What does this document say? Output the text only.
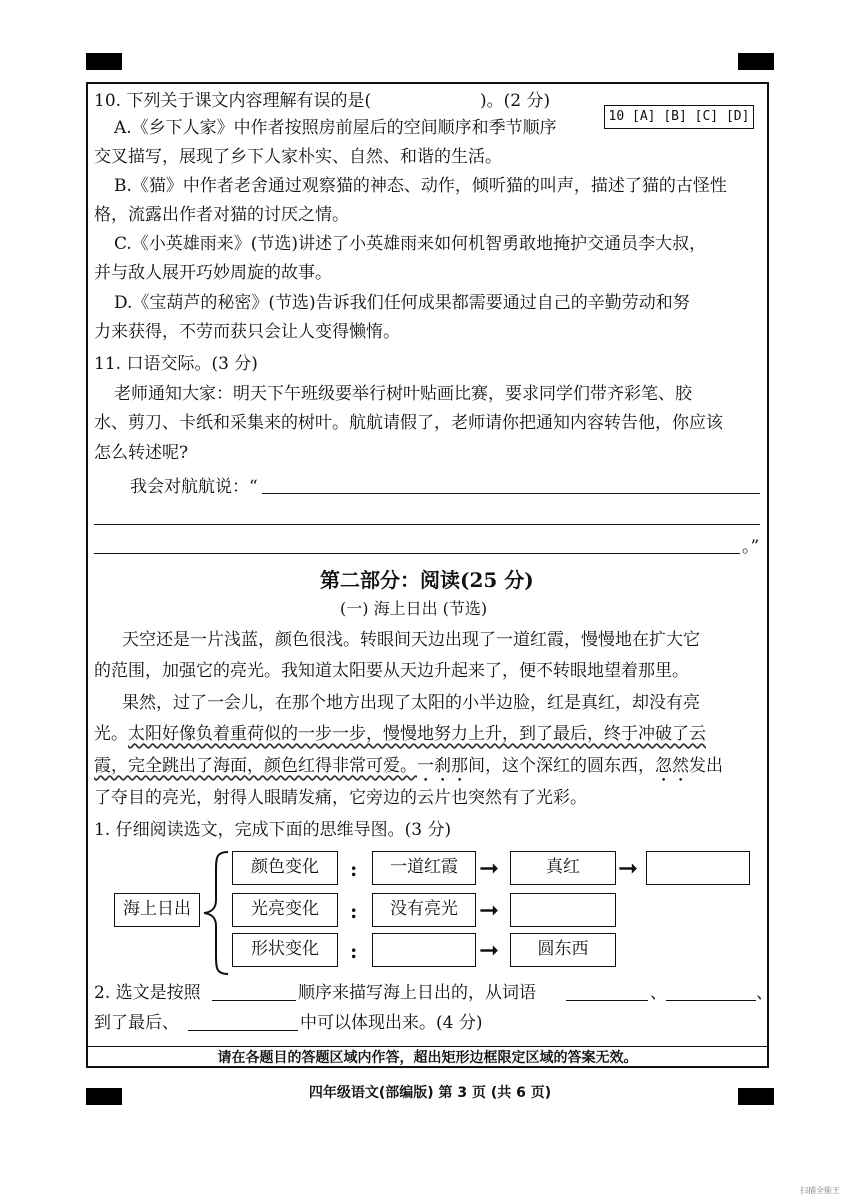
10. 下列关于课文内容理解有误的是(	)。(2 分)
10 [A] [B] [C] [D]
A.《乡下人家》中作者按照房前屋后的空间顺序和季节顺序
交叉描写，展现了乡下人家朴实、自然、和谐的生活。
B.《猫》中作者老舍通过观察猫的神态、动作，倾听猫的叫声，描述了猫的古怪性
格，流露出作者对猫的讨厌之情。
C.《小英雄雨来》(节选)讲述了小英雄雨来如何机智勇敢地掩护交通员李大叔，
并与敌人展开巧妙周旋的故事。
D.《宝葫芦的秘密》(节选)告诉我们任何成果都需要通过自己的辛勤劳动和努
力来获得，不劳而获只会让人变得懒惰。
11. 口语交际。(3 分)
老师通知大家：明天下午班级要举行树叶贴画比赛，要求同学们带齐彩笔、胶
水、剪刀、卡纸和采集来的树叶。航航请假了，老师请你把通知内容转告他，你应该
怎么转述呢?
我会对航航说：“
。”
第二部分：阅读(25 分)
(一) 海上日出 (节选)
天空还是一片浅蓝，颜色很浅。转眼间天边出现了一道红霞，慢慢地在扩大它
的范围，加强它的亮光。我知道太阳要从天边升起来了，便不转眼地望着那里。
果然，过了一会儿，在那个地方出现了太阳的小半边脸，红是真红，却没有亮
光。太阳好像负着重荷似的一步一步，慢慢地努力上升，到了最后，终于冲破了云
霞，完全跳出了海面，颜色红得非常可爱。一刹那间，这个深红的圆东西，忽然发出
了夺目的亮光，射得人眼睛发痛，它旁边的云片也突然有了光彩。
1. 仔细阅读选文，完成下面的思维导图。(3 分)
海上日出
颜色变化	:	一道红霞 ➞	真红	➞
光亮变化	:	没有亮光 ➞
形状变化	:	➞	圆东西
2. 选文是按照	顺序来描写海上日出的，从词语	、	、
到了最后、	中可以体现出来。(4 分)
请在各题目的答题区域内作答，超出矩形边框限定区域的答案无效。
四年级语文(部编版) 第 3 页 (共 6 页)
扫描全能王
